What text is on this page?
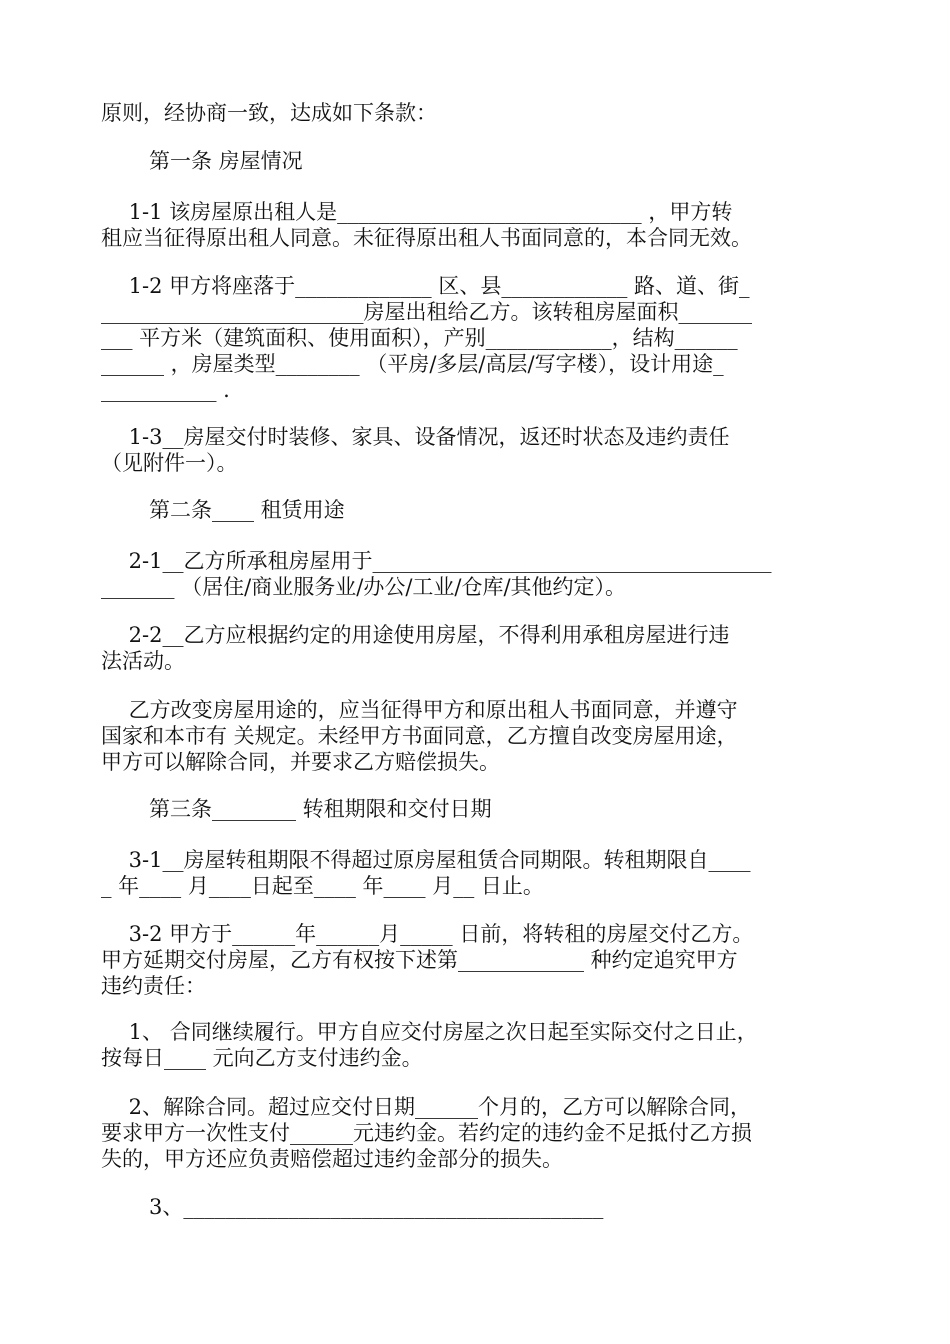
原则，经协商一致，达成如下条款：
第一条 房屋情况
　 1-1 该房屋原出租人是_____________________________ ，甲方转
租应当征得原出租人同意。未征得原出租人书面同意的，本合同无效。
　 1-2 甲方将座落于_____________ 区、县____________ 路、道、街_
_________________________房屋出租给乙方。该转租房屋面积_______
___ 平方米（建筑面积、使用面积），产别____________，结构______
______ ，房屋类型________ （平房/多层/高层/写字楼），设计用途_
___________ .
　 1-3__房屋交付时装修、家具、设备情况，返还时状态及违约责任
（见附件一）。
第二条____ 租赁用途
　 2-1__乙方所承租房屋用于______________________________________
_______ （居住/商业服务业/办公/工业/仓库/其他约定）。
　 2-2__乙方应根据约定的用途使用房屋，不得利用承租房屋进行违
法活动。
　 乙方改变房屋用途的，应当征得甲方和原出租人书面同意，并遵守
国家和本市有 关规定。未经甲方书面同意，乙方擅自改变房屋用途，
甲方可以解除合同，并要求乙方赔偿损失。
第三条________ 转租期限和交付日期
　 3-1__房屋转租期限不得超过原房屋租赁合同期限。转租期限自____
_ 年____ 月____日起至____ 年____ 月__ 日止。
　 3-2 甲方于______年______月_____ 日前，将转租的房屋交付乙方。
甲方延期交付房屋，乙方有权按下述第____________ 种约定追究甲方
违约责任：
　 1、 合同继续履行。甲方自应交付房屋之次日起至实际交付之日止，
按每日____ 元向乙方支付违约金。
　 2、解除合同。超过应交付日期______个月的，乙方可以解除合同，
要求甲方一次性支付______元违约金。若约定的违约金不足抵付乙方损
失的，甲方还应负责赔偿超过违约金部分的损失。
3、________________________________________
